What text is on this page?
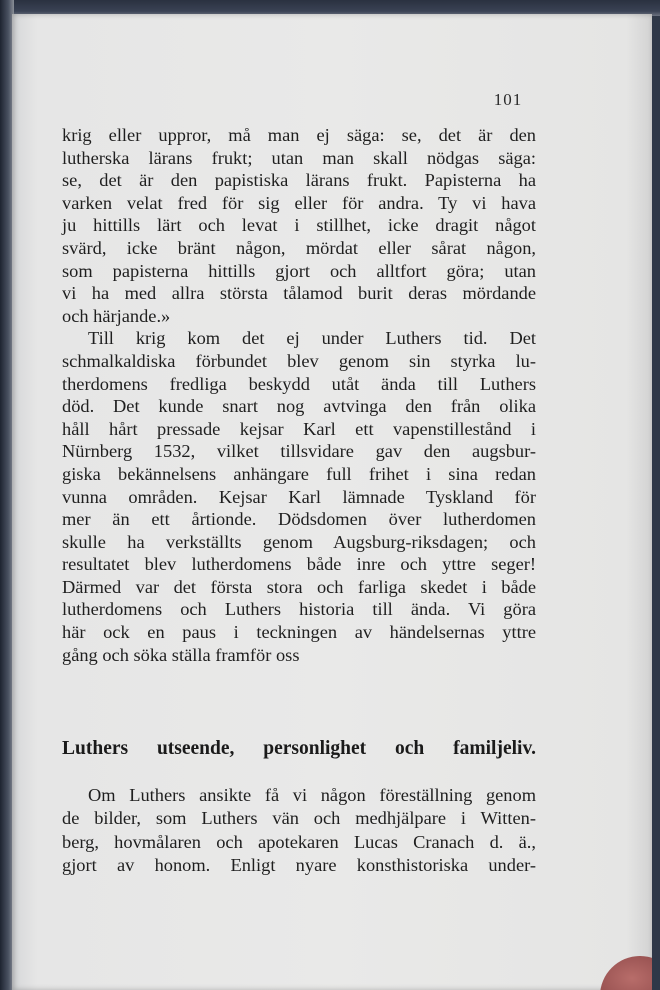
101
krig eller uppror, må man ej säga: se, det är den
lutherska lärans frukt; utan man skall nödgas säga:
se, det är den papistiska lärans frukt. Papisterna ha
varken velat fred för sig eller för andra. Ty vi hava
ju hittills lärt och levat i stillhet, icke dragit något
svärd, icke bränt någon, mördat eller sårat någon,
som papisterna hittills gjort och alltfort göra; utan
vi ha med allra största tålamod burit deras mördande
och härjande.»
Till krig kom det ej under Luthers tid. Det
schmalkaldiska förbundet blev genom sin styrka lu-
therdomens fredliga beskydd utåt ända till Luthers
död. Det kunde snart nog avtvinga den från olika
håll hårt pressade kejsar Karl ett vapenstillestånd i
Nürnberg 1532, vilket tillsvidare gav den augsbur-
giska bekännelsens anhängare full frihet i sina redan
vunna områden. Kejsar Karl lämnade Tyskland för
mer än ett årtionde. Dödsdomen över lutherdomen
skulle ha verkställts genom Augsburg-riksdagen; och
resultatet blev lutherdomens både inre och yttre seger!
Därmed var det första stora och farliga skedet i både
lutherdomens och Luthers historia till ända. Vi göra
här ock en paus i teckningen av händelsernas yttre
gång och söka ställa framför oss
Luthers utseende, personlighet och familjeliv.
Om Luthers ansikte få vi någon föreställning genom
de bilder, som Luthers vän och medhjälpare i Witten-
berg, hovmålaren och apotekaren Lucas Cranach d. ä.,
gjort av honom. Enligt nyare konsthistoriska under-
